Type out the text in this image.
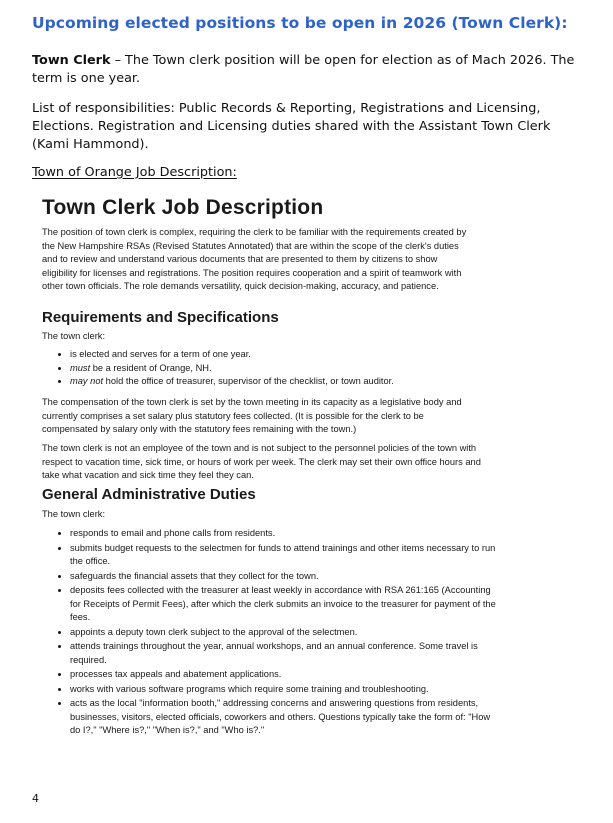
Upcoming elected positions to be open in 2026 (Town Clerk):
Town Clerk – The Town clerk position will be open for election as of Mach 2026. The term is one year.
List of responsibilities: Public Records & Reporting, Registrations and Licensing, Elections. Registration and Licensing duties shared with the Assistant Town Clerk (Kami Hammond).
Town of Orange Job Description:
Town Clerk Job Description
The position of town clerk is complex, requiring the clerk to be familiar with the requirements created by the New Hampshire RSAs (Revised Statutes Annotated) that are within the scope of the clerk's duties and to review and understand various documents that are presented to them by citizens to show eligibility for licenses and registrations. The position requires cooperation and a spirit of teamwork with other town officials. The role demands versatility, quick decision-making, accuracy, and patience.
Requirements and Specifications
The town clerk:
• is elected and serves for a term of one year.
• must be a resident of Orange, NH.
• may not hold the office of treasurer, supervisor of the checklist, or town auditor.
The compensation of the town clerk is set by the town meeting in its capacity as a legislative body and currently comprises a set salary plus statutory fees collected. (It is possible for the clerk to be compensated by salary only with the statutory fees remaining with the town.)
The town clerk is not an employee of the town and is not subject to the personnel policies of the town with respect to vacation time, sick time, or hours of work per week. The clerk may set their own office hours and take what vacation and sick time they feel they can.
General Administrative Duties
The town clerk:
• responds to email and phone calls from residents.
• submits budget requests to the selectmen for funds to attend trainings and other items necessary to run the office.
• safeguards the financial assets that they collect for the town.
• deposits fees collected with the treasurer at least weekly in accordance with RSA 261:165 (Accounting for Receipts of Permit Fees), after which the clerk submits an invoice to the treasurer for payment of the fees.
• appoints a deputy town clerk subject to the approval of the selectmen.
• attends trainings throughout the year, annual workshops, and an annual conference. Some travel is required.
• processes tax appeals and abatement applications.
• works with various software programs which require some training and troubleshooting.
• acts as the local "information booth," addressing concerns and answering questions from residents, businesses, visitors, elected officials, coworkers and others. Questions typically take the form of: "How do I?," "Where is?," "When is?," and "Who is?."
4
